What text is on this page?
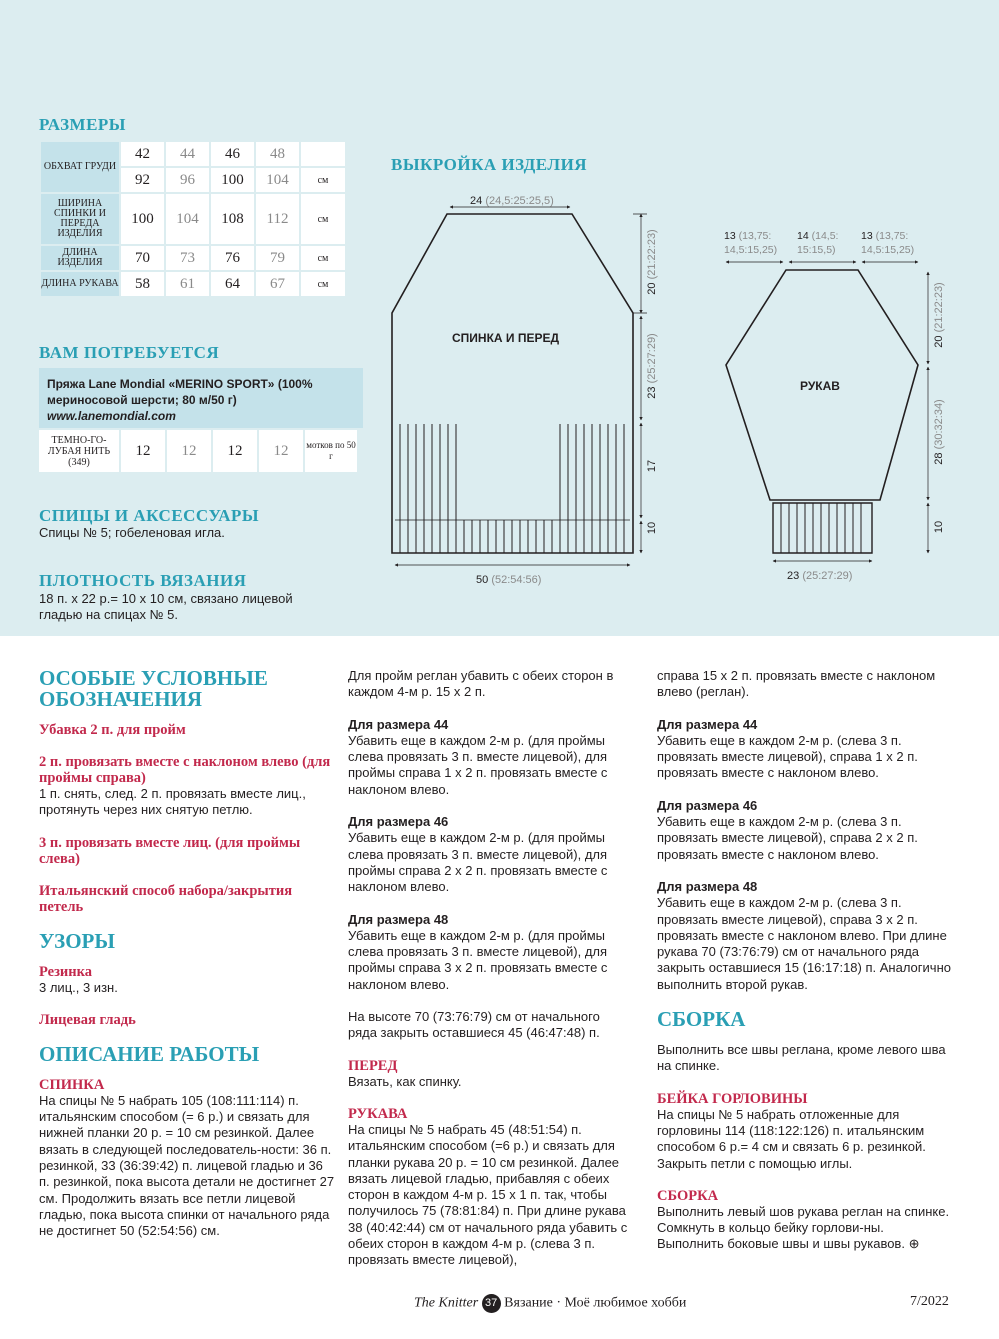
РАЗМЕРЫ
ОБХВАТ ГРУДИ	42	44	46	48	
	92	96	100	104	см
ШИРИНА СПИНКИ И ПЕРЕДА ИЗДЕЛИЯ	100	104	108	112	см
ДЛИНА ИЗДЕЛИЯ	70	73	76	79	см
ДЛИНА РУКАВА	58	61	64	67	см
ВАМ ПОТРЕБУЕТСЯ
Пряжа Lane Mondial «MERINO SPORT» (100% мериносовой шерсти; 80 м/50 г)
www.lanemondial.com
ТЕМНО-ГО-ЛУБАЯ НИТЬ (349)
12	12	12	12	мотков по 50 г
СПИЦЫ И АКСЕССУАРЫ

Спицы № 5; гобеленовая игла.

ПЛОТНОСТЬ ВЯЗАНИЯ

18 п. х 22 р.= 10 х 10 см, связано лицевой гладью на спицах № 5.

ВЫКРОЙКА ИЗДЕЛИЯ
СПИНКА И ПЕРЕД
РУКАВ
24 (24,5:25:25,5)
50 (52:54:56)
20 (21:22:23)
23 (25:27:29)
17
10
13 (13,75:
14,5:15,25)
14 (14,5:
15:15,5)
13 (13,75:
14,5:15,25)
20 (21:22:23)
28 (30:32:34)
10
23 (25:27:29)
ОСОБЫЕ УСЛОВНЫЕ ОБОЗНАЧЕНИЯ
Убавка 2 п. для пройм
2 п. провязать вместе с наклоном влево (для проймы справа)

1 п. снять, след. 2 п. провязать вместе лиц., протянуть через них снятую петлю.

3 п. провязать вместе лиц. (для проймы слева)
Итальянский способ набора/закрытия петель
УЗОРЫ
Резинка

3 лиц., 3 изн.

Лицевая гладь
ОПИСАНИЕ РАБОТЫ
СПИНКА

На спицы № 5 набрать 105 (108:111:114) п. итальянским способом (= 6 р.) и связать для нижней планки 20 р. = 10 см резинкой. Далее вязать в следующей последователь-ности: 36 п. резинкой, 33 (36:39:42) п. лицевой гладью и 36 п. резинкой, пока высота детали не достигнет 27 см. Продолжить вязать все петли лицевой гладью, пока высота спинки от начального ряда не достигнет 50 (52:54:56) см.

Для пройм реглан убавить с обеих сторон в каждом 4-м р. 15 х 2 п.

Для размера 44

Убавить еще в каждом 2-м р. (для проймы слева провязать 3 п. вместе лицевой), для проймы справа 1 х 2 п. провязать вместе с наклоном влево.

Для размера 46

Убавить еще в каждом 2-м р. (для проймы слева провязать 3 п. вместе лицевой), для проймы справа 2 х 2 п. провязать вместе с наклоном влево.

Для размера 48

Убавить еще в каждом 2-м р. (для проймы слева провязать 3 п. вместе лицевой), для проймы справа 3 х 2 п. провязать вместе с наклоном влево.

На высоте 70 (73:76:79) см от начального ряда закрыть оставшиеся 45 (46:47:48) п.

ПЕРЕД

Вязать, как спинку.

РУКАВА

На спицы № 5 набрать 45 (48:51:54) п. итальянским способом (=6 р.) и связать для планки рукава 20 р. = 10 см резинкой. Далее вязать лицевой гладью, прибавляя с обеих сторон в каждом 4-м р. 15 х 1 п. так, чтобы получилось 75 (78:81:84) п. При длине рукава 38 (40:42:44) см от начального ряда убавить с обеих сторон в каждом 4-м р. (слева 3 п. провязать вместе лицевой),

справа 15 х 2 п. провязать вместе с наклоном влево (реглан).

Для размера 44

Убавить еще в каждом 2-м р. (слева 3 п. провязать вместе лицевой), справа 1 х 2 п. провязать вместе с наклоном влево.

Для размера 46

Убавить еще в каждом 2-м р. (слева 3 п. провязать вместе лицевой), справа 2 х 2 п. провязать вместе с наклоном влево.

Для размера 48

Убавить еще в каждом 2-м р. (слева 3 п. провязать вместе лицевой), справа 3 х 2 п. провязать вместе с наклоном влево. При длине рукава 70 (73:76:79) см от начального ряда закрыть оставшиеся 15 (16:17:18) п. Аналогично выполнить второй рукав.

СБОРКА

Выполнить все швы реглана, кроме левого шва на спинке.

БЕЙКА ГОРЛОВИНЫ

На спицы № 5 набрать отложенные для горловины 114 (118:122:126) п. итальянским способом 6 р.= 4 см и связать 6 р. резинкой. Закрыть петли с помощью иглы.

СБОРКА

Выполнить левый шов рукава реглан на спинке. Сомкнуть в кольцо бейку горлови-ны. Выполнить боковые швы и швы рукавов. ⊕

The Knitter 37 Вязание · Моё любимое хобби	7/2022
